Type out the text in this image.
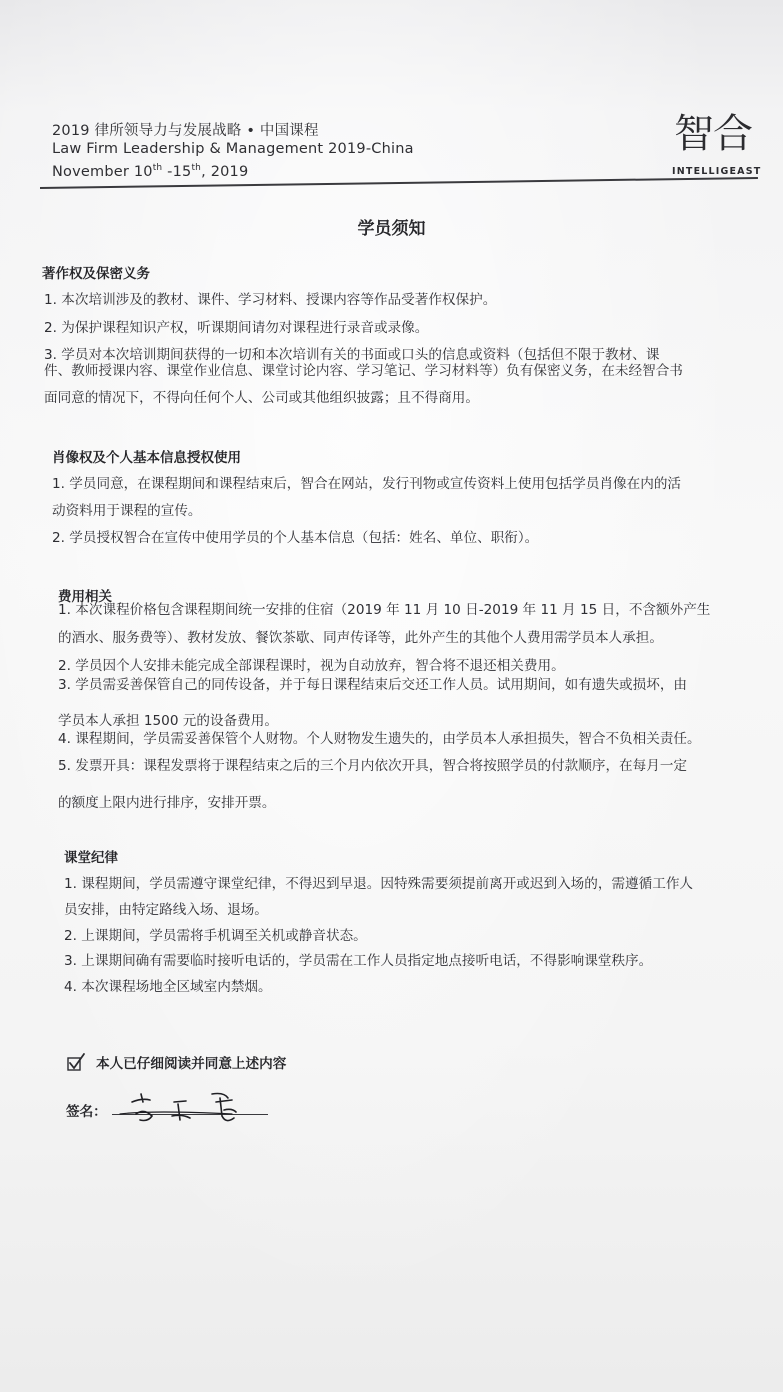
2019 律所领导力与发展战略 • 中国课程
Law Firm Leadership & Management 2019-China
November 10th -15th, 2019
智合
INTELLIGEAST
学员须知
著作权及保密义务
1. 本次培训涉及的教材、课件、学习材料、授课内容等作品受著作权保护。
2. 为保护课程知识产权，听课期间请勿对课程进行录音或录像。
3. 学员对本次培训期间获得的一切和本次培训有关的书面或口头的信息或资料（包括但不限于教材、课
件、教师授课内容、课堂作业信息、课堂讨论内容、学习笔记、学习材料等）负有保密义务，在未经智合书
面同意的情况下，不得向任何个人、公司或其他组织披露；且不得商用。
肖像权及个人基本信息授权使用
1. 学员同意，在课程期间和课程结束后，智合在网站，发行刊物或宣传资料上使用包括学员肖像在内的活
动资料用于课程的宣传。
2. 学员授权智合在宣传中使用学员的个人基本信息（包括：姓名、单位、职衔）。
费用相关
1. 本次课程价格包含课程期间统一安排的住宿（2019 年 11 月 10 日-2019 年 11 月 15 日，不含额外产生
的酒水、服务费等）、教材发放、餐饮茶歇、同声传译等，此外产生的其他个人费用需学员本人承担。
2. 学员因个人安排未能完成全部课程课时，视为自动放弃，智合将不退还相关费用。
3. 学员需妥善保管自己的同传设备，并于每日课程结束后交还工作人员。试用期间，如有遗失或损坏，由
学员本人承担 1500 元的设备费用。
4. 课程期间，学员需妥善保管个人财物。个人财物发生遗失的，由学员本人承担损失，智合不负相关责任。
5. 发票开具：课程发票将于课程结束之后的三个月内依次开具，智合将按照学员的付款顺序，在每月一定
的额度上限内进行排序，安排开票。
课堂纪律
1. 课程期间，学员需遵守课堂纪律，不得迟到早退。因特殊需要须提前离开或迟到入场的，需遵循工作人
员安排，由特定路线入场、退场。
2. 上课期间，学员需将手机调至关机或静音状态。
3. 上课期间确有需要临时接听电话的，学员需在工作人员指定地点接听电话，不得影响课堂秩序。
4. 本次课程场地全区域室内禁烟。
本人已仔细阅读并同意上述内容
签名：
